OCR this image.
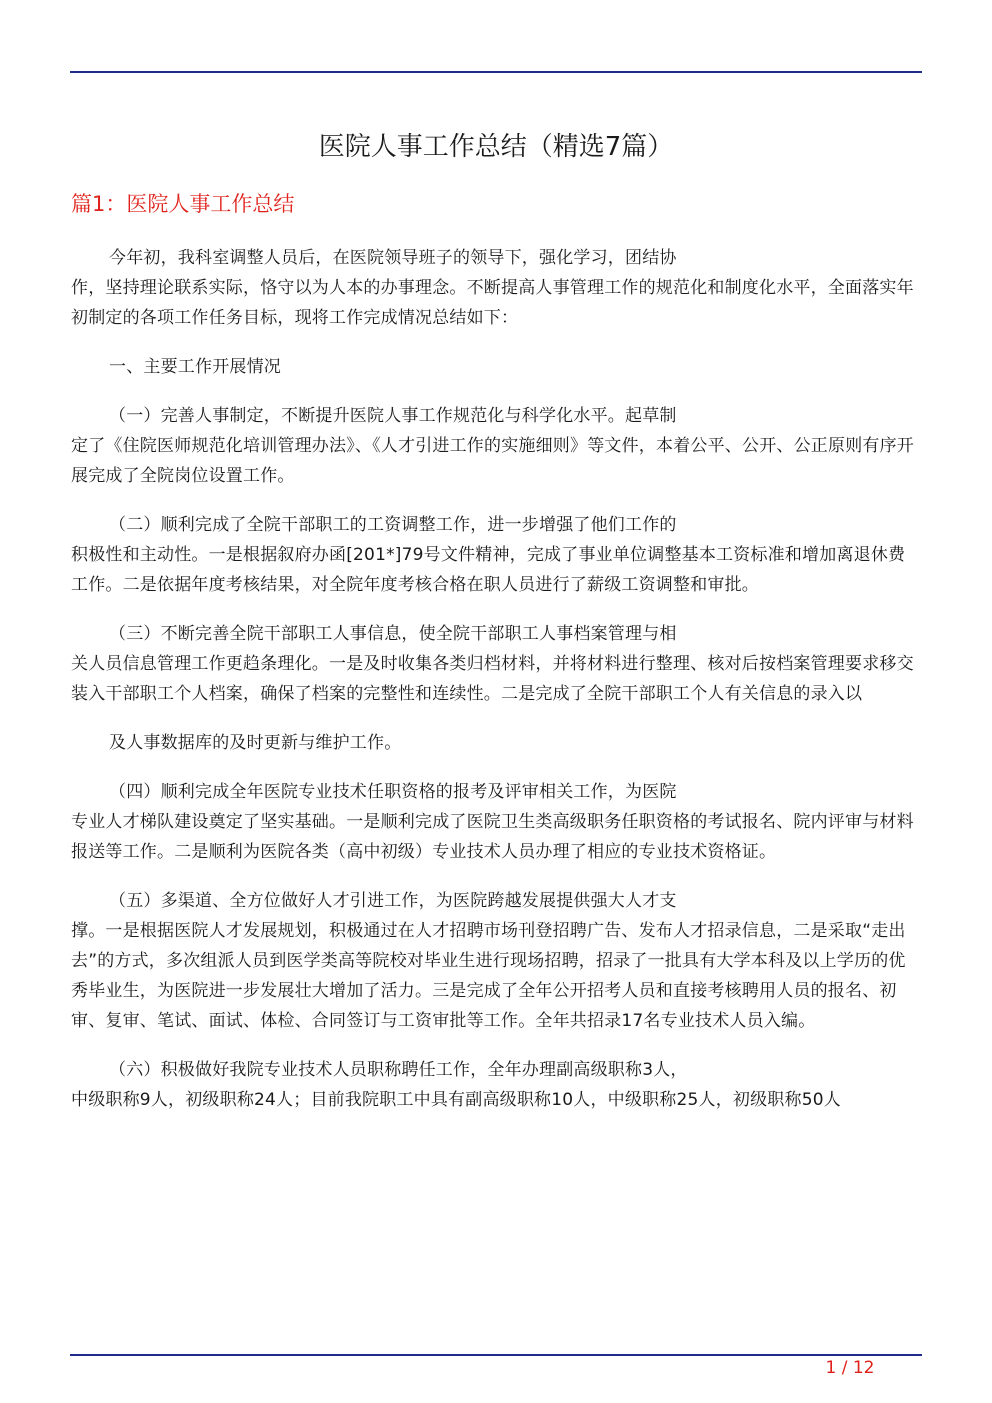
医院人事工作总结（精选7篇）
篇1：医院人事工作总结

今年初，我科室调整人员后，在医院领导班子的领导下，强化学习，团结协
作，坚持理论联系实际，恪守以为人本的办事理念。不断提高人事管理工作的规范化和制度化水平，全面落实年初制定的各项工作任务目标，现将工作完成情况总结如下：

一、主要工作开展情况

（一）完善人事制定，不断提升医院人事工作规范化与科学化水平。起草制
定了《住院医师规范化培训管理办法》、《人才引进工作的实施细则》等文件，本着公平、公开、公正原则有序开展完成了全院岗位设置工作。

（二）顺利完成了全院干部职工的工资调整工作，进一步增强了他们工作的
积极性和主动性。一是根据叙府办函[201*]79号文件精神，完成了事业单位调整基本工资标准和增加离退休费工作。二是依据年度考核结果，对全院年度考核合格在职人员进行了薪级工资调整和审批。

（三）不断完善全院干部职工人事信息，使全院干部职工人事档案管理与相
关人员信息管理工作更趋条理化。一是及时收集各类归档材料，并将材料进行整理、核对后按档案管理要求移交装入干部职工个人档案，确保了档案的完整性和连续性。二是完成了全院干部职工个人有关信息的录入以

及人事数据库的及时更新与维护工作。

（四）顺利完成全年医院专业技术任职资格的报考及评审相关工作，为医院
专业人才梯队建设奠定了坚实基础。一是顺利完成了医院卫生类高级职务任职资格的考试报名、院内评审与材料报送等工作。二是顺利为医院各类（高中初级）专业技术人员办理了相应的专业技术资格证。

（五）多渠道、全方位做好人才引进工作，为医院跨越发展提供强大人才支
撑。一是根据医院人才发展规划，积极通过在人才招聘市场刊登招聘广告、发布人才招录信息，二是采取“走出去”的方式，多次组派人员到医学类高等院校对毕业生进行现场招聘，招录了一批具有大学本科及以上学历的优秀毕业生，为医院进一步发展壮大增加了活力。三是完成了全年公开招考人员和直接考核聘用人员的报名、初审、复审、笔试、面试、体检、合同签订与工资审批等工作。全年共招录17名专业技术人员入编。

（六）积极做好我院专业技术人员职称聘任工作，全年办理副高级职称3人，
中级职称9人，初级职称24人；目前我院职工中具有副高级职称10人，中级职称25人，初级职称50人

1 / 12
